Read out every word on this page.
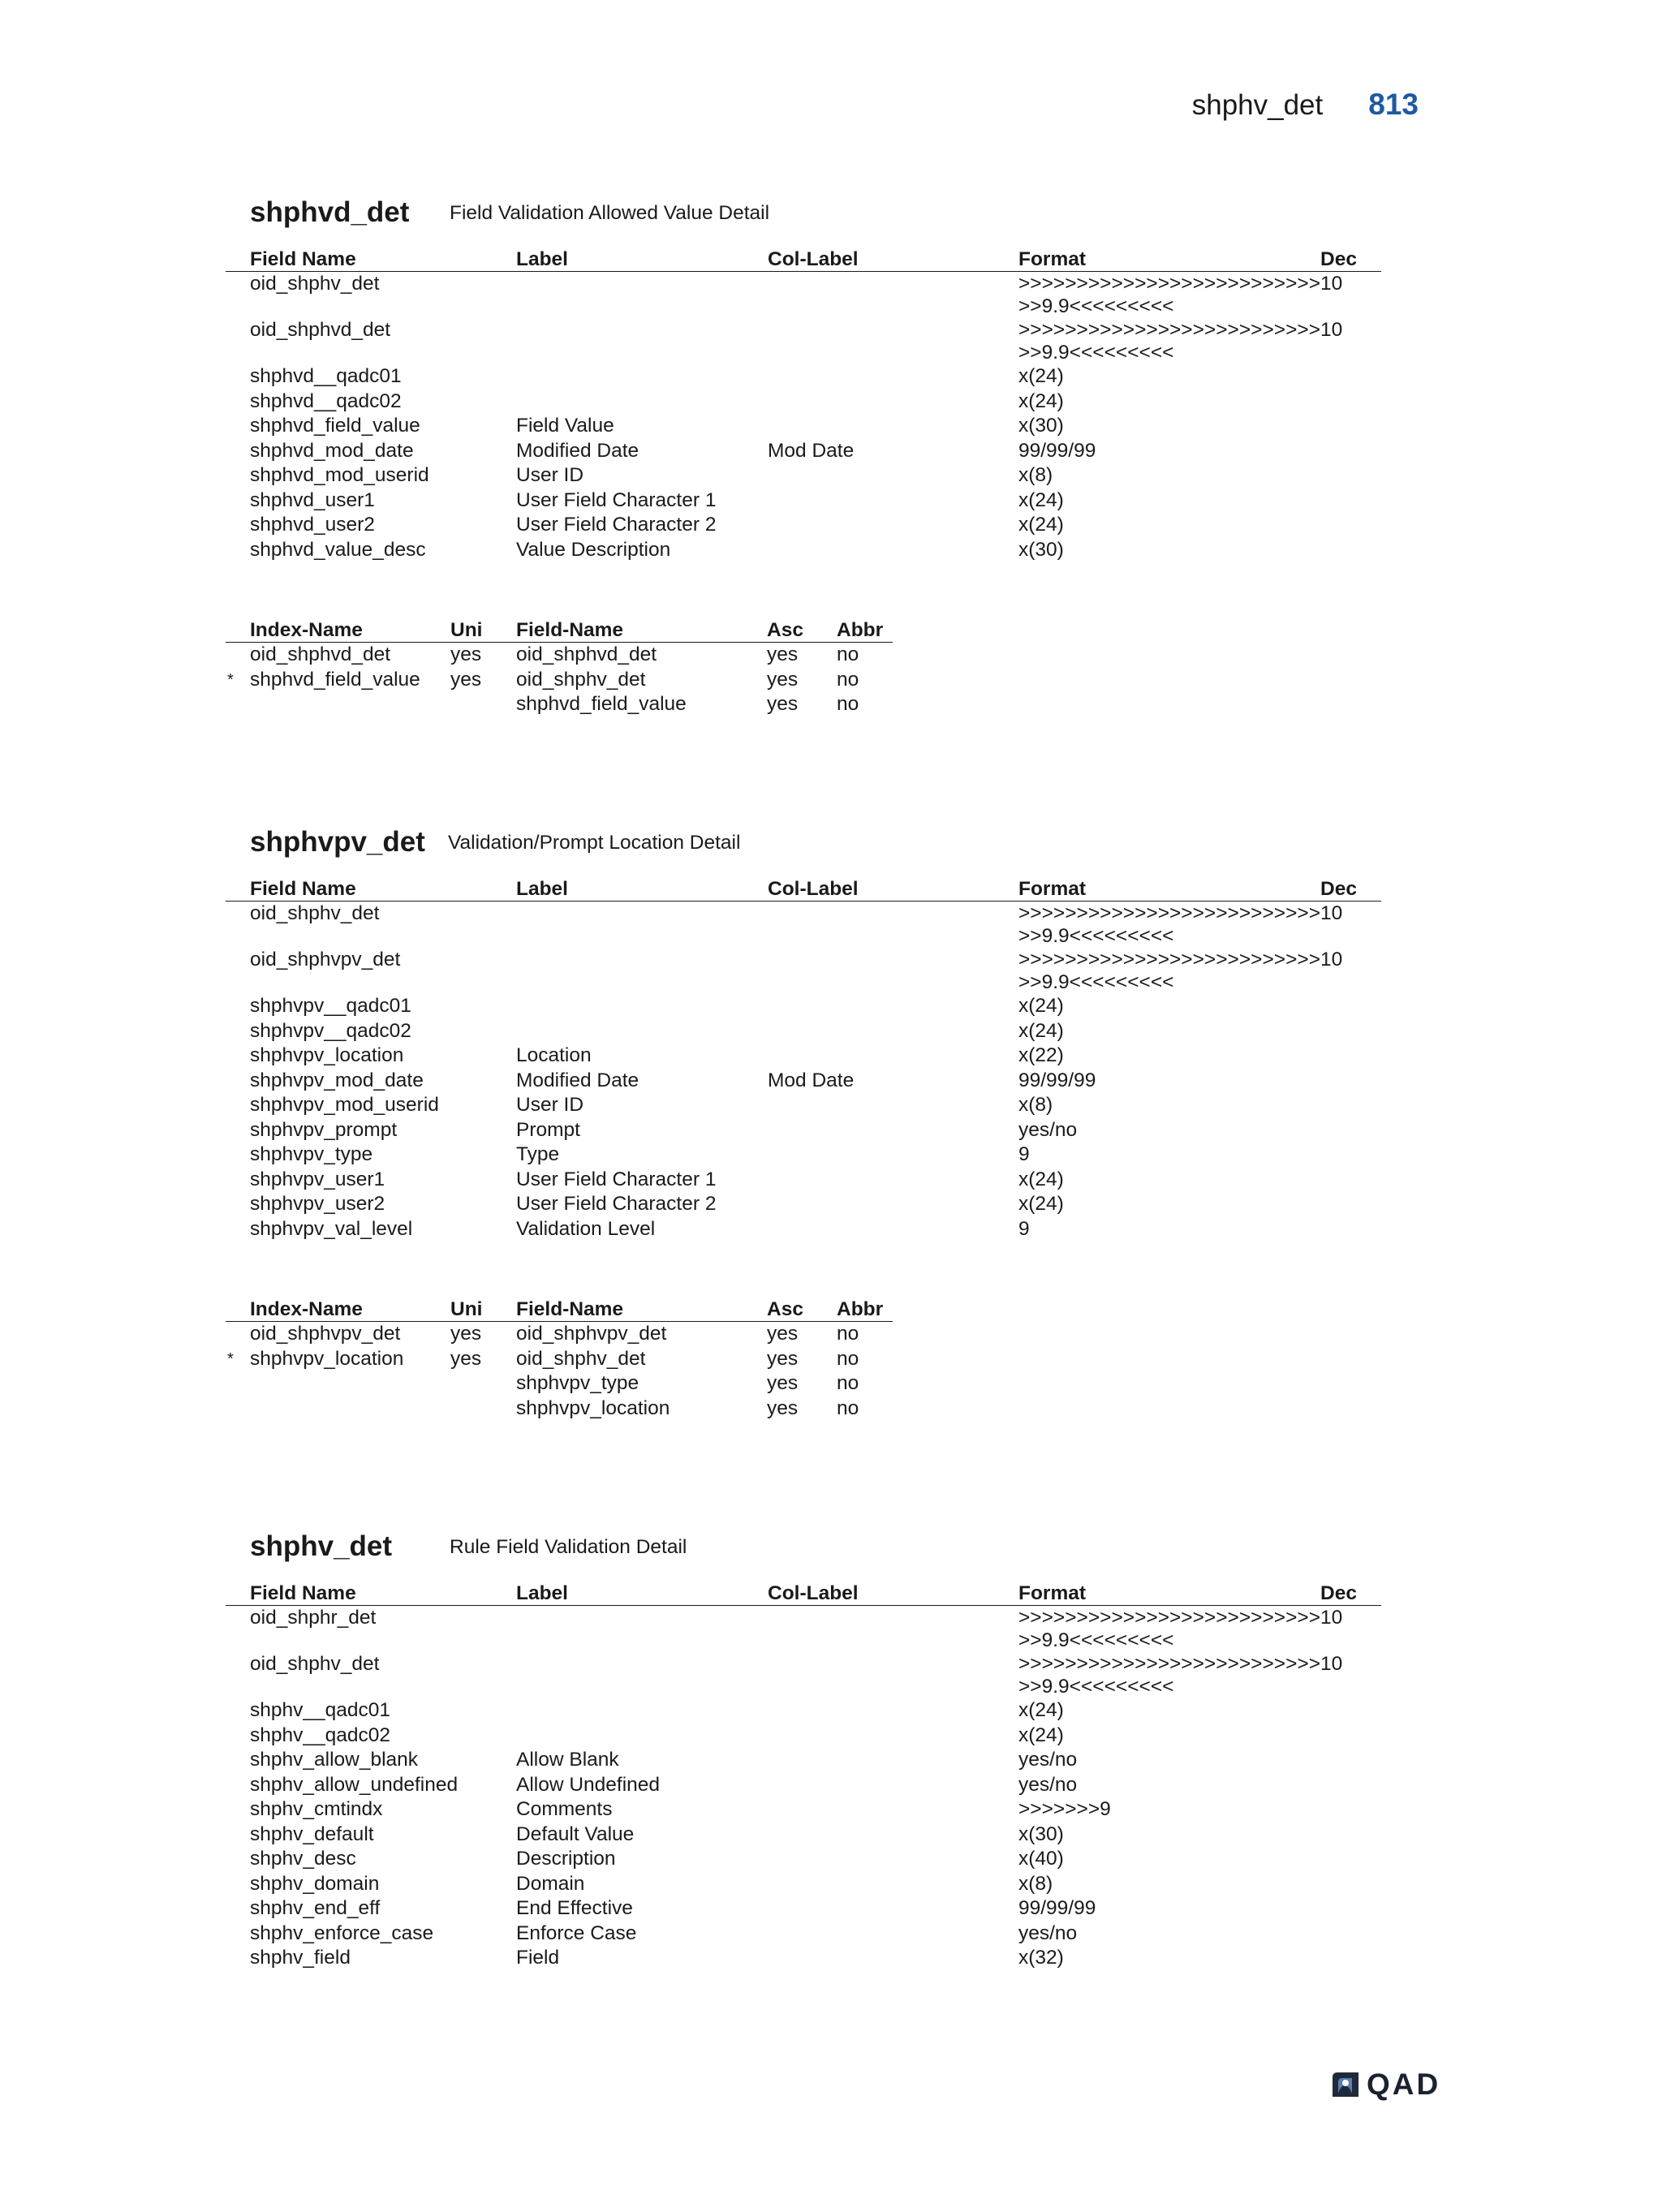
shphv_det 813
shphvd_det Field Validation Allowed Value Detail
	Field Name	Label	Col-Label	Format	Dec
	oid_shphv_det			>>>>>>>>>>>>>>>>>>>>>>>>>>>>9.9<<<<<<<<<	10
	oid_shphvd_det			>>>>>>>>>>>>>>>>>>>>>>>>>>>>9.9<<<<<<<<<	10
	shphvd__qadc01			x(24)	
	shphvd__qadc02			x(24)	
	shphvd_field_value	Field Value		x(30)	
	shphvd_mod_date	Modified Date	Mod Date	99/99/99	
	shphvd_mod_userid	User ID		x(8)	
	shphvd_user1	User Field Character 1		x(24)	
	shphvd_user2	User Field Character 2		x(24)	
	shphvd_value_desc	Value Description		x(30)	
	Index-Name	Uni	Field-Name	Asc	Abbr
	oid_shphvd_det	yes	oid_shphvd_det	yes	no
*	shphvd_field_value	yes	oid_shphv_det	yes	no
			shphvd_field_value	yes	no
shphvpv_det Validation/Prompt Location Detail
	Field Name	Label	Col-Label	Format	Dec
	oid_shphv_det			>>>>>>>>>>>>>>>>>>>>>>>>>>>>9.9<<<<<<<<<	10
	oid_shphvpv_det			>>>>>>>>>>>>>>>>>>>>>>>>>>>>9.9<<<<<<<<<	10
	shphvpv__qadc01			x(24)	
	shphvpv__qadc02			x(24)	
	shphvpv_location	Location		x(22)	
	shphvpv_mod_date	Modified Date	Mod Date	99/99/99	
	shphvpv_mod_userid	User ID		x(8)	
	shphvpv_prompt	Prompt		yes/no	
	shphvpv_type	Type		9	
	shphvpv_user1	User Field Character 1		x(24)	
	shphvpv_user2	User Field Character 2		x(24)	
	shphvpv_val_level	Validation Level		9	
	Index-Name	Uni	Field-Name	Asc	Abbr
	oid_shphvpv_det	yes	oid_shphvpv_det	yes	no
*	shphvpv_location	yes	oid_shphv_det	yes	no
			shphvpv_type	yes	no
			shphvpv_location	yes	no
shphv_det	Rule Field Validation Detail
	Field Name	Label	Col-Label	Format	Dec
	oid_shphr_det			>>>>>>>>>>>>>>>>>>>>>>>>>>>>9.9<<<<<<<<<	10
	oid_shphv_det			>>>>>>>>>>>>>>>>>>>>>>>>>>>>9.9<<<<<<<<<	10
	shphv__qadc01			x(24)	
	shphv__qadc02			x(24)	
	shphv_allow_blank	Allow Blank		yes/no	
	shphv_allow_undefined	Allow Undefined		yes/no	
	shphv_cmtindx	Comments		>>>>>>>9	
	shphv_default	Default Value		x(30)	
	shphv_desc	Description		x(40)	
	shphv_domain	Domain		x(8)	
	shphv_end_eff	End Effective		99/99/99	
	shphv_enforce_case	Enforce Case		yes/no	
	shphv_field	Field		x(32)	
QAD
